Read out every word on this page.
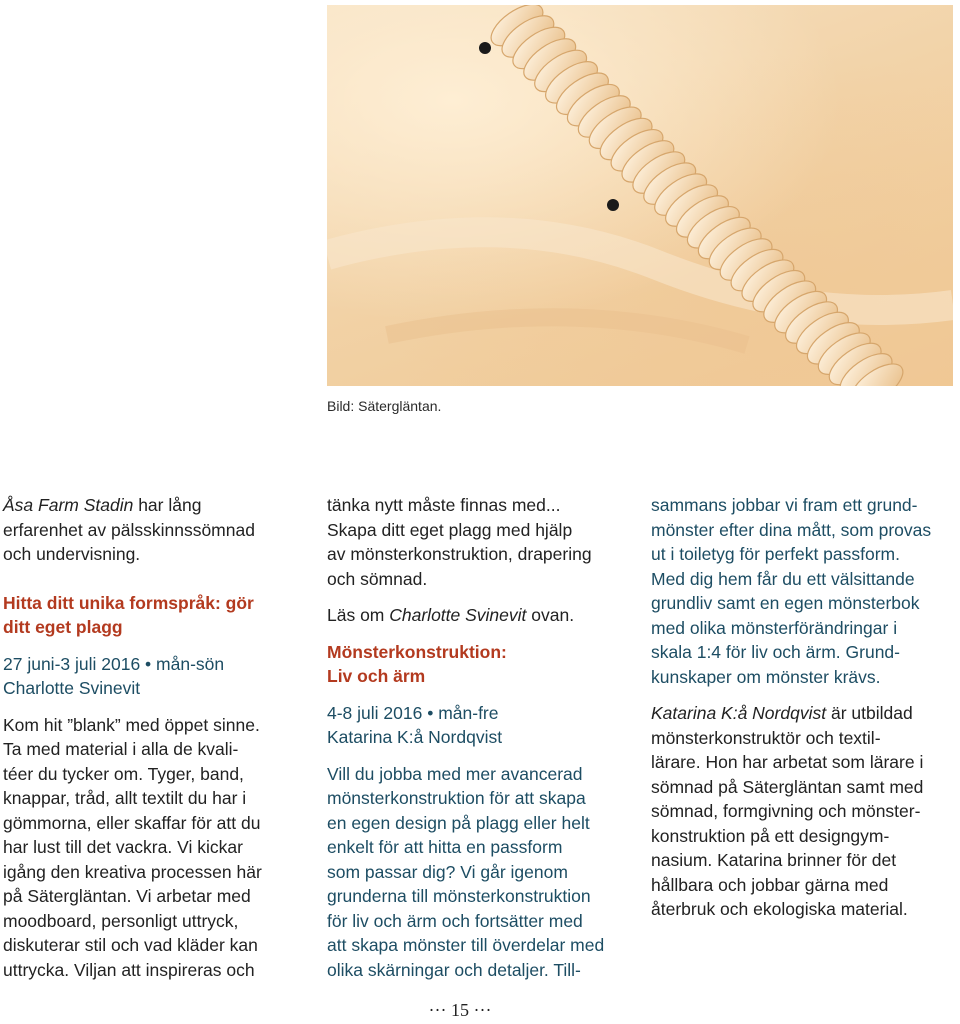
Bild: Sätergläntan.

Åsa Farm Stadin har lång

erfarenhet av pälsskinnssömnad

och undervisning.

Hitta ditt unika formspråk: gör

ditt eget plagg

27 juni-3 juli 2016 • mån-sön

Charlotte Svinevit

Kom hit ”blank” med öppet sinne.

Ta med material i alla de kvali-

téer du tycker om. Tyger, band,

knappar, tråd, allt textilt du har i

gömmorna, eller skaffar för att du

har lust till det vackra. Vi kickar

igång den kreativa processen här

på Sätergläntan. Vi arbetar med

moodboard, personligt uttryck,

diskuterar stil och vad kläder kan

uttrycka. Viljan att inspireras och

tänka nytt måste finnas med...

Skapa ditt eget plagg med hjälp

av mönsterkonstruktion, drapering

och sömnad.

Läs om Charlotte Svinevit ovan.

Mönsterkonstruktion:

Liv och ärm

4-8 juli 2016 • mån-fre

Katarina K:å Nordqvist

Vill du jobba med mer avancerad

mönsterkonstruktion för att skapa

en egen design på plagg eller helt

enkelt för att hitta en passform

som passar dig? Vi går igenom

grunderna till mönsterkonstruktion

för liv och ärm och fortsätter med

att skapa mönster till överdelar med

olika skärningar och detaljer. Till-

sammans jobbar vi fram ett grund-

mönster efter dina mått, som provas

ut i toiletyg för perfekt passform.

Med dig hem får du ett välsittande

grundliv samt en egen mönsterbok

med olika mönsterförändringar i

skala 1:4 för liv och ärm. Grund-

kunskaper om mönster krävs.

Katarina K:å Nordqvist är utbildad

mönsterkonstruktör och textil-

lärare. Hon har arbetat som lärare i

sömnad på Sätergläntan samt med

sömnad, formgivning och mönster-

konstruktion på ett designgym-

nasium. Katarina brinner för det

hållbara och jobbar gärna med

återbruk och ekologiska material.

··· 15 ···
